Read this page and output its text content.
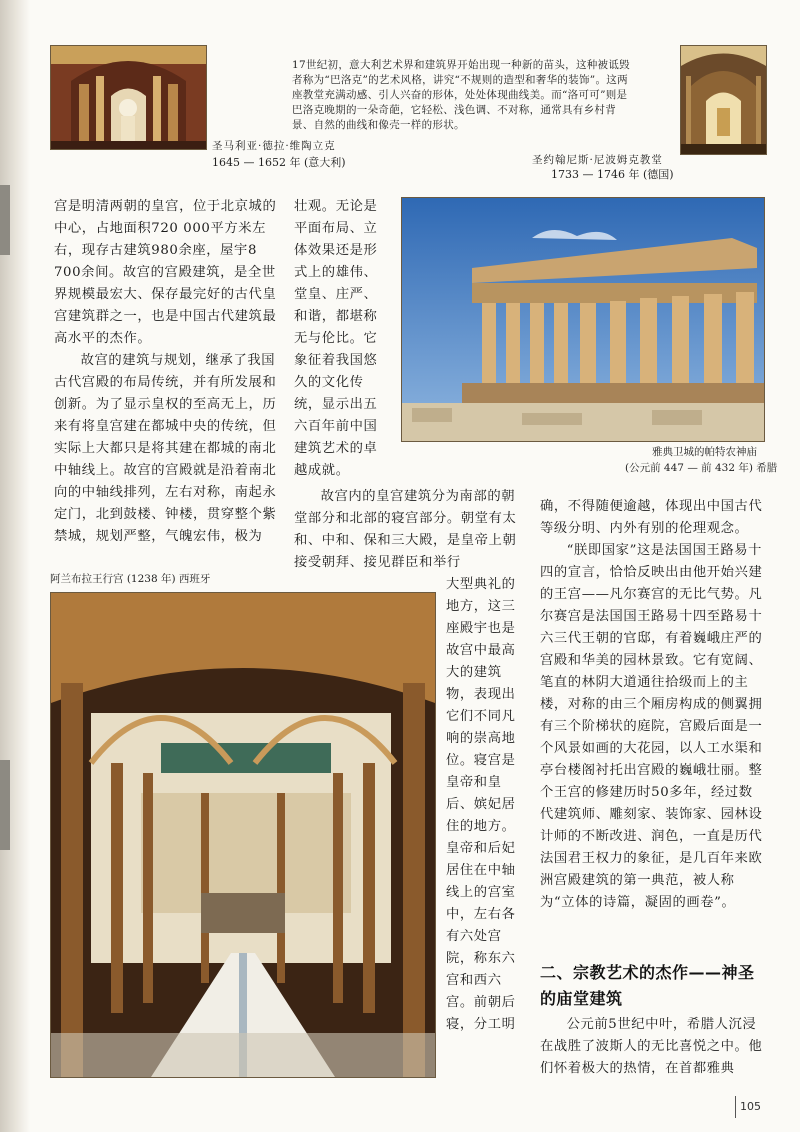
圣马利亚·德拉·维陶立克
1645 — 1652 年 (意大利)
17世纪初，意大利艺术界和建筑界开始出现一种新的苗头，这种被诋毁者称为“巴洛克”的艺术风格，讲究“不规则的造型和奢华的装饰”。这两座教堂充满动感、引人兴奋的形体，处处体现曲线美。而“洛可可”则是巴洛克晚期的一朵奇葩，它轻松、浅色调、不对称，通常具有乡村背景、自然的曲线和像壳一样的形状。
圣约翰尼斯·尼波姆克教堂
1733 — 1746 年 (德国)

宫是明清两朝的皇宫，位于北京城的中心，占地面积720 000平方米左右，现存古建筑980余座，屋宇8 700余间。故宫的宫殿建筑，是全世界规模最宏大、保存最完好的古代皇宫建筑群之一，也是中国古代建筑最高水平的杰作。

故宫的建筑与规划，继承了我国古代宫殿的布局传统，并有所发展和创新。为了显示皇权的至高无上，历来有将皇宫建在都城中央的传统，但实际上大都只是将其建在都城的南北中轴线上。故宫的宫殿就是沿着南北向的中轴线排列，左右对称，南起永定门，北到鼓楼、钟楼，贯穿整个紫禁城，规划严整，气魄宏伟，极为

壮观。无论是平面布局、立体效果还是形式上的雄伟、堂皇、庄严、和谐，都堪称无与伦比。它象征着我国悠久的文化传统，显示出五六百年前中国建筑艺术的卓越成就。

雅典卫城的帕特农神庙
(公元前 447 — 前 432 年) 希腊

故宫内的皇宫建筑分为南部的朝堂部分和北部的寝宫部分。朝堂有太和、中和、保和三大殿，是皇帝上朝接受朝拜、接见群臣和举行

阿兰布拉王行宫 (1238 年) 西班牙	大型典礼的地方，这三座殿宇也是故宫中最高大的建筑物，表现出它们不同凡响的崇高地位。寝宫是皇帝和皇后、嫔妃居住的地方。皇帝和后妃居住在中轴线上的宫室中，左右各有六处宫院，称东六宫和西六宫。前朝后寝，分工明

确，不得随便逾越，体现出中国古代等级分明、内外有别的伦理观念。

“朕即国家”这是法国国王路易十四的宣言，恰恰反映出由他开始兴建的王宫——凡尔赛宫的无比气势。凡尔赛宫是法国国王路易十四至路易十六三代王朝的官邸，有着巍峨庄严的宫殿和华美的园林景致。它有宽阔、笔直的林阴大道通往拾级而上的主楼，对称的由三个厢房构成的侧翼拥有三个阶梯状的庭院，宫殿后面是一个风景如画的大花园，以人工水渠和亭台楼阁衬托出宫殿的巍峨壮丽。整个王宫的修建历时50多年，经过数代建筑师、雕刻家、装饰家、园林设计师的不断改进、润色，一直是历代法国君王权力的象征，是几百年来欧洲宫殿建筑的第一典范，被人称为“立体的诗篇，凝固的画卷”。

二、宗教艺术的杰作——神圣的庙堂建筑

公元前5世纪中叶，希腊人沉浸在战胜了波斯人的无比喜悦之中。他们怀着极大的热情，在首都雅典

105
